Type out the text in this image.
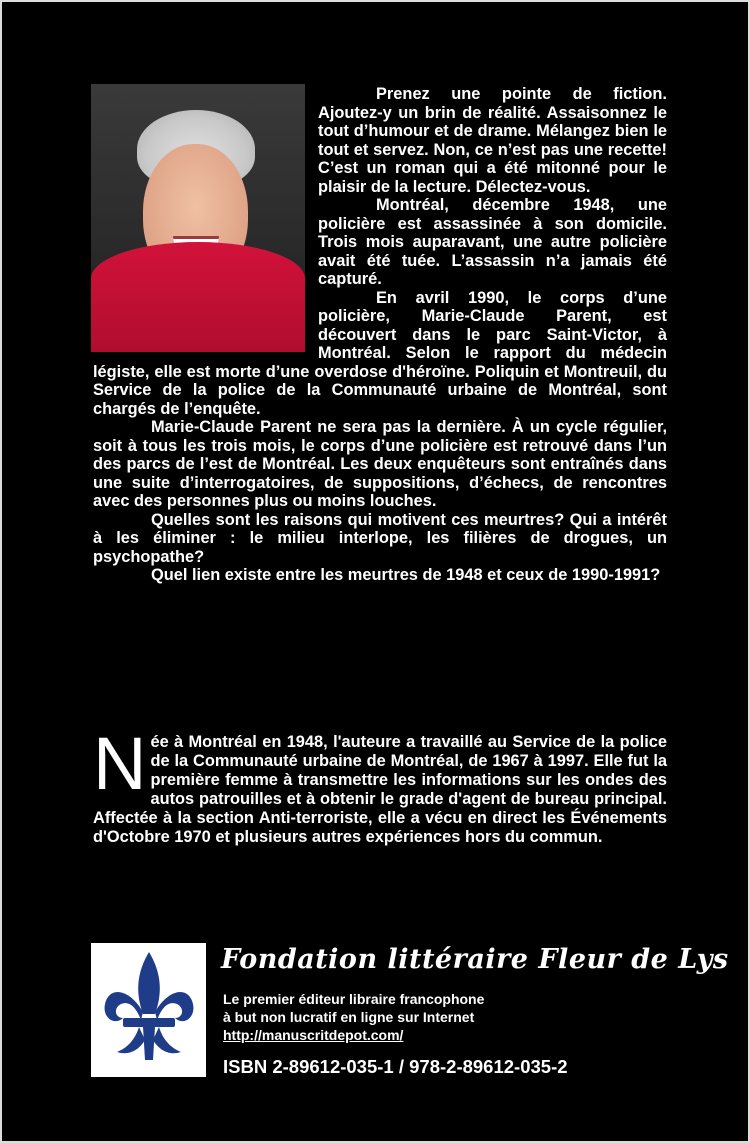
Prenez une pointe de fiction. Ajoutez-y un brin de réalité. Assaisonnez le tout d’humour et de drame. Mélangez bien le tout et servez. Non, ce n’est pas une recette! C’est un roman qui a été mitonné pour le plaisir de la lecture. Délectez-vous.

Montréal, décembre 1948, une policière est assassinée à son domicile. Trois mois auparavant, une autre policière avait été tuée. L’assassin n’a jamais été capturé.

En avril 1990, le corps d’une policière, Marie-Claude Parent, est découvert dans le parc Saint-Victor, à Montréal. Selon le rapport du médecin légiste, elle est morte d’une overdose d'héroïne. Poliquin et Montreuil, du Service de la police de la Communauté urbaine de Montréal, sont chargés de l’enquête.

Marie-Claude Parent ne sera pas la dernière. À un cycle régulier, soit à tous les trois mois, le corps d’une policière est retrouvé dans l’un des parcs de l’est de Montréal. Les deux enquêteurs sont entraînés dans une suite d’interrogatoires, de suppositions, d’échecs, de rencontres avec des personnes plus ou moins louches.

Quelles sont les raisons qui motivent ces meurtres? Qui a intérêt à les éliminer : le milieu interlope, les filières de drogues, un psychopathe?

Quel lien existe entre les meurtres de 1948 et ceux de 1990-1991?

N ée à Montréal en 1948, l'auteure a travaillé au Service de la police de la Communauté urbaine de Montréal, de 1967 à 1997. Elle fut la première femme à transmettre les informations sur les ondes des autos patrouilles et à obtenir le grade d'agent de bureau principal. Affectée à la section Anti-terroriste, elle a vécu en direct les Événements d'Octobre 1970 et plusieurs autres expériences hors du commun.
Fondation littéraire Fleur de Lys
Le premier éditeur libraire francophone
à but non lucratif en ligne sur Internet
http://manuscritdepot.com/
ISBN 2-89612-035-1 / 978-2-89612-035-2
